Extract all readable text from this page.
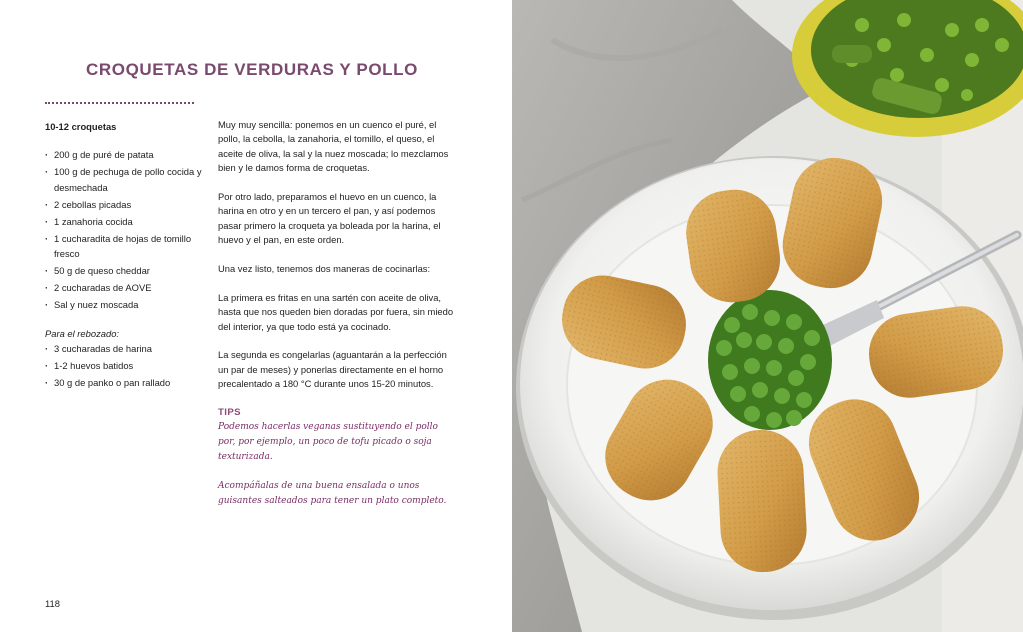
CROQUETAS DE VERDURAS Y POLLO
10-12 croquetas
· 200 g de puré de patata
· 100 g de pechuga de pollo cocida y desmechada
· 2 cebollas picadas
· 1 zanahoria cocida
· 1 cucharadita de hojas de tomillo fresco
· 50 g de queso cheddar
· 2 cucharadas de AOVE
· Sal y nuez moscada
Para el rebozado:
· 3 cucharadas de harina
· 1-2 huevos batidos
· 30 g de panko o pan rallado

Muy muy sencilla: ponemos en un cuenco el puré, el pollo, la cebolla, la zanahoria, el tomillo, el queso, el aceite de oliva, la sal y la nuez moscada; lo mezclamos bien y le damos forma de croquetas.

Por otro lado, preparamos el huevo en un cuenco, la harina en otro y en un tercero el pan, y así podemos pasar primero la croqueta ya boleada por la harina, el huevo y el pan, en este orden.

Una vez listo, tenemos dos maneras de cocinarlas:

La primera es fritas en una sartén con aceite de oliva, hasta que nos queden bien doradas por fuera, sin miedo del interior, ya que todo está ya cocinado.

La segunda es congelarlas (aguantarán a la perfección un par de meses) y ponerlas directamente en el horno precalentado a 180 °C durante unos 15-20 minutos.

TIPS

Podemos hacerlas veganas sustituyendo el pollo por, por ejemplo, un poco de tofu picado o soja texturizada.

Acompáñalas de una buena ensalada o unos guisantes salteados para tener un plato completo.

118
